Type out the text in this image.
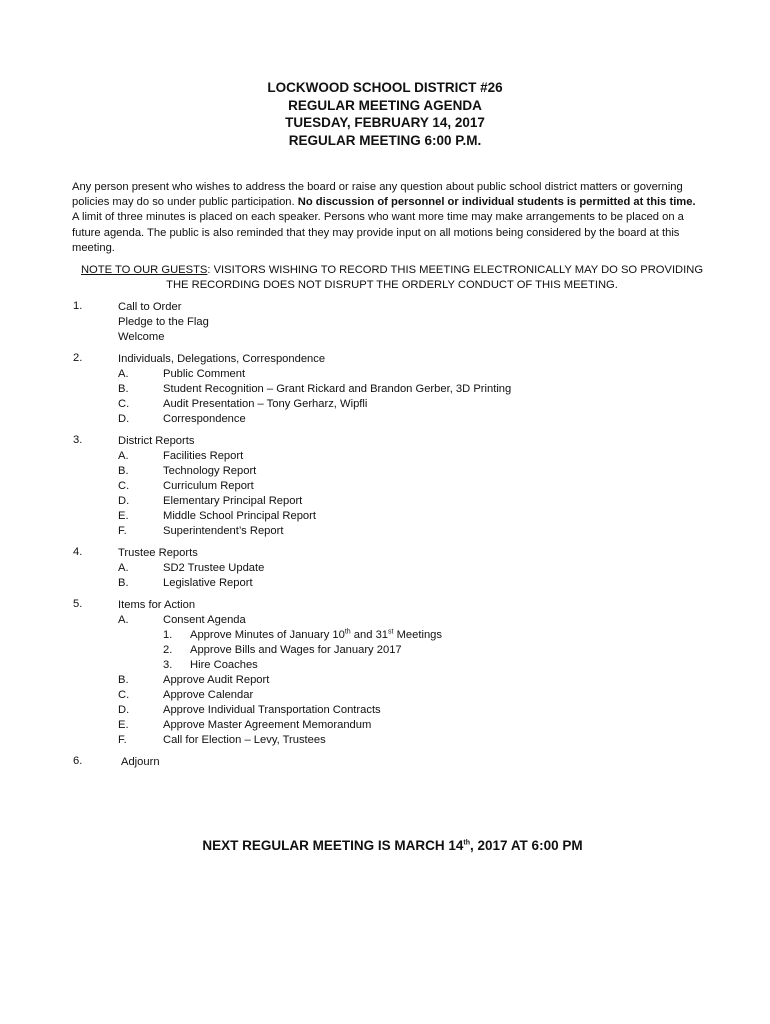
LOCKWOOD SCHOOL DISTRICT #26
REGULAR MEETING AGENDA
TUESDAY, FEBRUARY 14, 2017
REGULAR MEETING 6:00 P.M.
Any person present who wishes to address the board or raise any question about public school district matters or governing policies may do so under public participation. No discussion of personnel or individual students is permitted at this time. A limit of three minutes is placed on each speaker. Persons who want more time may make arrangements to be placed on a future agenda. The public is also reminded that they may provide input on all motions being considered by the board at this meeting.
NOTE TO OUR GUESTS: VISITORS WISHING TO RECORD THIS MEETING ELECTRONICALLY MAY DO SO PROVIDING THE RECORDING DOES NOT DISRUPT THE ORDERLY CONDUCT OF THIS MEETING.
1.	Call to Order
Pledge to the Flag
Welcome
2.	Individuals, Delegations, Correspondence
A.	Public Comment
B.	Student Recognition – Grant Rickard and Brandon Gerber, 3D Printing
C.	Audit Presentation – Tony Gerharz, Wipfli
D.	Correspondence
3.	District Reports
A.	Facilities Report
B.	Technology Report
C.	Curriculum Report
D.	Elementary Principal Report
E.	Middle School Principal Report
F.	Superintendent’s Report
4.	Trustee Reports
A.	SD2 Trustee Update
B.	Legislative Report
5.	Items for Action
A.	Consent Agenda
1. Approve Minutes of January 10th and 31st Meetings
2. Approve Bills and Wages for January 2017
3. Hire Coaches
B.	Approve Audit Report
C.	Approve Calendar
D.	Approve Individual Transportation Contracts
E.	Approve Master Agreement Memorandum
F.	Call for Election – Levy, Trustees
6.	Adjourn
NEXT REGULAR MEETING IS MARCH 14th, 2017 AT 6:00 PM
